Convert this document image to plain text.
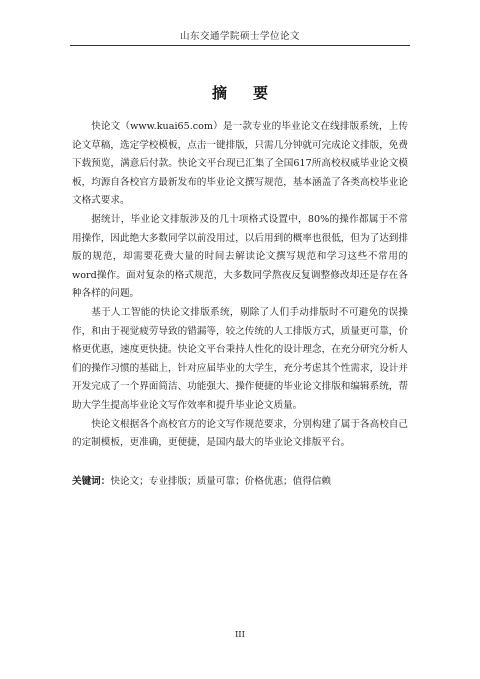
山东交通学院硕士学位论文
摘要

快论文（www.kuai65.com）是一款专业的毕业论文在线排版系统，上传论文草稿，选定学校模板，点击一键排版，只需几分钟就可完成论文排版，免费下载预览，满意后付款。快论文平台现已汇集了全国617所高校权威毕业论文模板，均源自各校官方最新发布的毕业论文撰写规范，基本涵盖了各类高校毕业论文格式要求。

据统计，毕业论文排版涉及的几十项格式设置中，80%的操作都属于不常用操作，因此绝大多数同学以前没用过，以后用到的概率也很低，但为了达到排版的规范，却需要花费大量的时间去解读论文撰写规范和学习这些不常用的word操作。面对复杂的格式规范，大多数同学熬夜反复调整修改却还是存在各种各样的问题。

基于人工智能的快论文排版系统，剔除了人们手动排版时不可避免的误操作，和由于视觉疲劳导致的错漏等，较之传统的人工排版方式，质量更可靠，价格更优惠，速度更快捷。快论文平台秉持人性化的设计理念，在充分研究分析人们的操作习惯的基础上，针对应届毕业的大学生，充分考虑其个性需求，设计并开发完成了一个界面简洁、功能强大、操作便捷的毕业论文排版和编辑系统，帮助大学生提高毕业论文写作效率和提升毕业论文质量。

快论文根据各个高校官方的论文写作规范要求，分别构建了属于各高校自己的定制模板，更准确，更便捷，是国内最大的毕业论文排版平台。

关键词：快论文；专业排版；质量可靠；价格优惠；值得信赖
III
